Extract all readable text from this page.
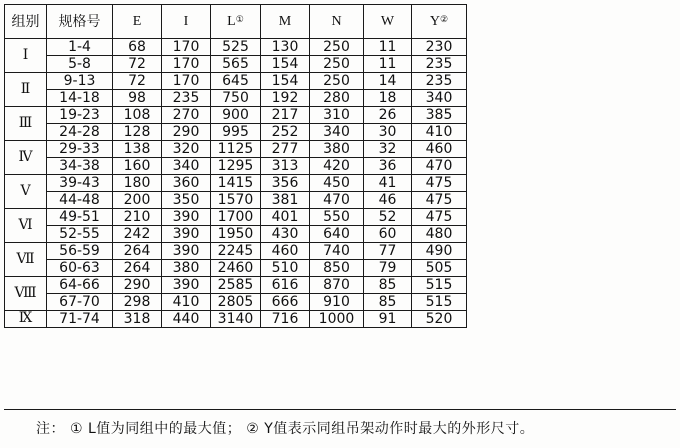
组别	规格号	E	I	L①	M	N	W	Y②	
Ⅰ	1-4	68	170	525	130	250	11	230	
	5-8	72	170	565	154	250	11	235	
Ⅱ	9-13	72	170	645	154	250	14	235	
	14-18	98	235	750	192	280	18	340	
Ⅲ	19-23	108	270	900	217	310	26	385	
	24-28	128	290	995	252	340	30	410	
Ⅳ	29-33	138	320	1125	277	380	32	460	
	34-38	160	340	1295	313	420	36	470	
Ⅴ	39-43	180	360	1415	356	450	41	475	
	44-48	200	350	1570	381	470	46	475	
Ⅵ	49-51	210	390	1700	401	550	52	475	
	52-55	242	390	1950	430	640	60	480	
Ⅶ	56-59	264	390	2245	460	740	77	490	
	60-63	264	380	2460	510	850	79	505	
Ⅷ	64-66	290	390	2585	616	870	85	515	
	67-70	298	410	2805	666	910	85	515	
Ⅸ	71-74	318	440	3140	716	1000	91	520	
注： ① L值为同组中的最大值； ② Y值表示同组吊架动作时最大的外形尺寸。
